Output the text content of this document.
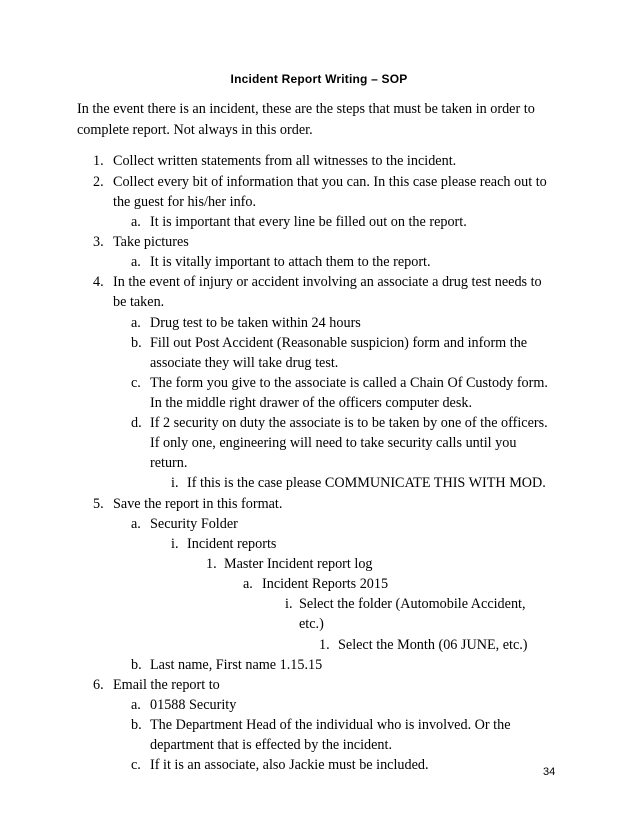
Incident Report Writing – SOP
In the event there is an incident, these are the steps that must be taken in order to
complete report. Not always in this order.
1. Collect written statements from all witnesses to the incident.
2. Collect every bit of information that you can. In this case please reach out to
the guest for his/her info.
a. It is important that every line be filled out on the report.
3. Take pictures
a. It is vitally important to attach them to the report.
4. In the event of injury or accident involving an associate a drug test needs to
be taken.
a. Drug test to be taken within 24 hours
b. Fill out Post Accident (Reasonable suspicion) form and inform the
associate they will take drug test.
c. The form you give to the associate is called a Chain Of Custody form.
In the middle right drawer of the officers computer desk.
d. If 2 security on duty the associate is to be taken by one of the officers.
If only one, engineering will need to take security calls until you
return.
i. If this is the case please COMMUNICATE THIS WITH MOD.
5. Save the report in this format.
a. Security Folder
i. Incident reports
1. Master Incident report log
a. Incident Reports 2015
i. Select the folder (Automobile Accident,
etc.)
1. Select the Month (06 JUNE, etc.)
b. Last name, First name 1.15.15
6. Email the report to
a. 01588 Security
b. The Department Head of the individual who is involved. Or the
department that is effected by the incident.
c. If it is an associate, also Jackie must be included.	34
